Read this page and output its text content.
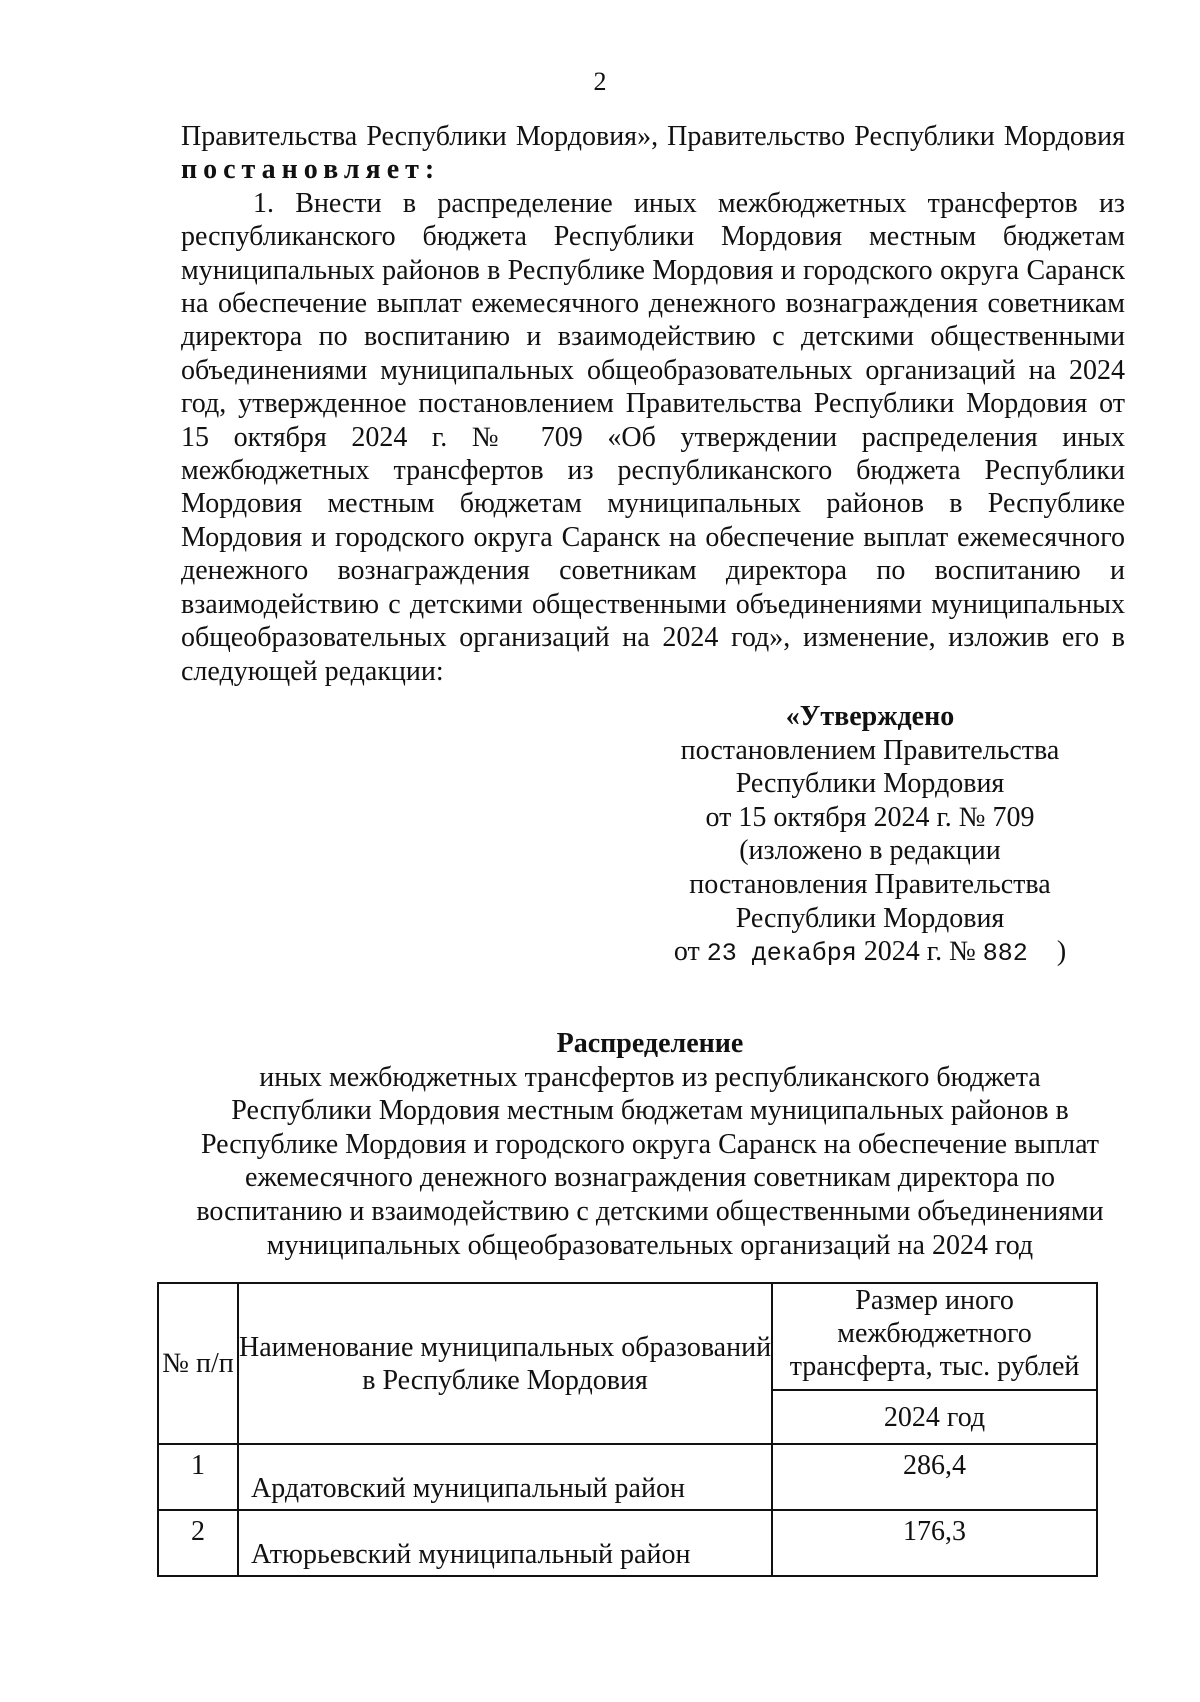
2

Правительства Республики Мордовия», Правительство Республики Мордовия постановляет:

1. Внести в распределение иных межбюджетных трансфертов из республиканского бюджета Республики Мордовия местным бюджетам муниципальных районов в Республике Мордовия и городского округа Саранск на обеспечение выплат ежемесячного денежного вознаграждения советникам директора по воспитанию и взаимодействию с детскими общественными объединениями муниципальных общеобразовательных организаций на 2024 год, утвержденное постановлением Правительства Республики Мордовия от 15 октября 2024 г. № 709 «Об утверждении распределения иных межбюджетных трансфертов из республиканского бюджета Республики Мордовия местным бюджетам муниципальных районов в Республике Мордовия и городского округа Саранск на обеспечение выплат ежемесячного денежного вознаграждения советникам директора по воспитанию и взаимодействию с детскими общественными объединениями муниципальных общеобразовательных организаций на 2024 год», изменение, изложив его в следующей редакции:

«Утверждено
постановлением Правительства
Республики Мордовия
от 15 октября 2024 г. № 709
(изложено в редакции
постановления Правительства
Республики Мордовия
от 23 декабря 2024 г. № 882 )
Распределение
иных межбюджетных трансфертов из республиканского бюджета
Республики Мордовия местным бюджетам муниципальных районов в
Республике Мордовия и городского округа Саранск на обеспечение выплат
ежемесячного денежного вознаграждения советникам директора по
воспитанию и взаимодействию с детскими общественными объединениями
муниципальных общеобразовательных организаций на 2024 год
№ п/п	Наименование муниципальных образований в Республике Мордовия	Размер иного межбюджетного трансферта, тыс. рублей
		2024 год
1	Ардатовский муниципальный район	286,4
2	Атюрьевский муниципальный район	176,3
